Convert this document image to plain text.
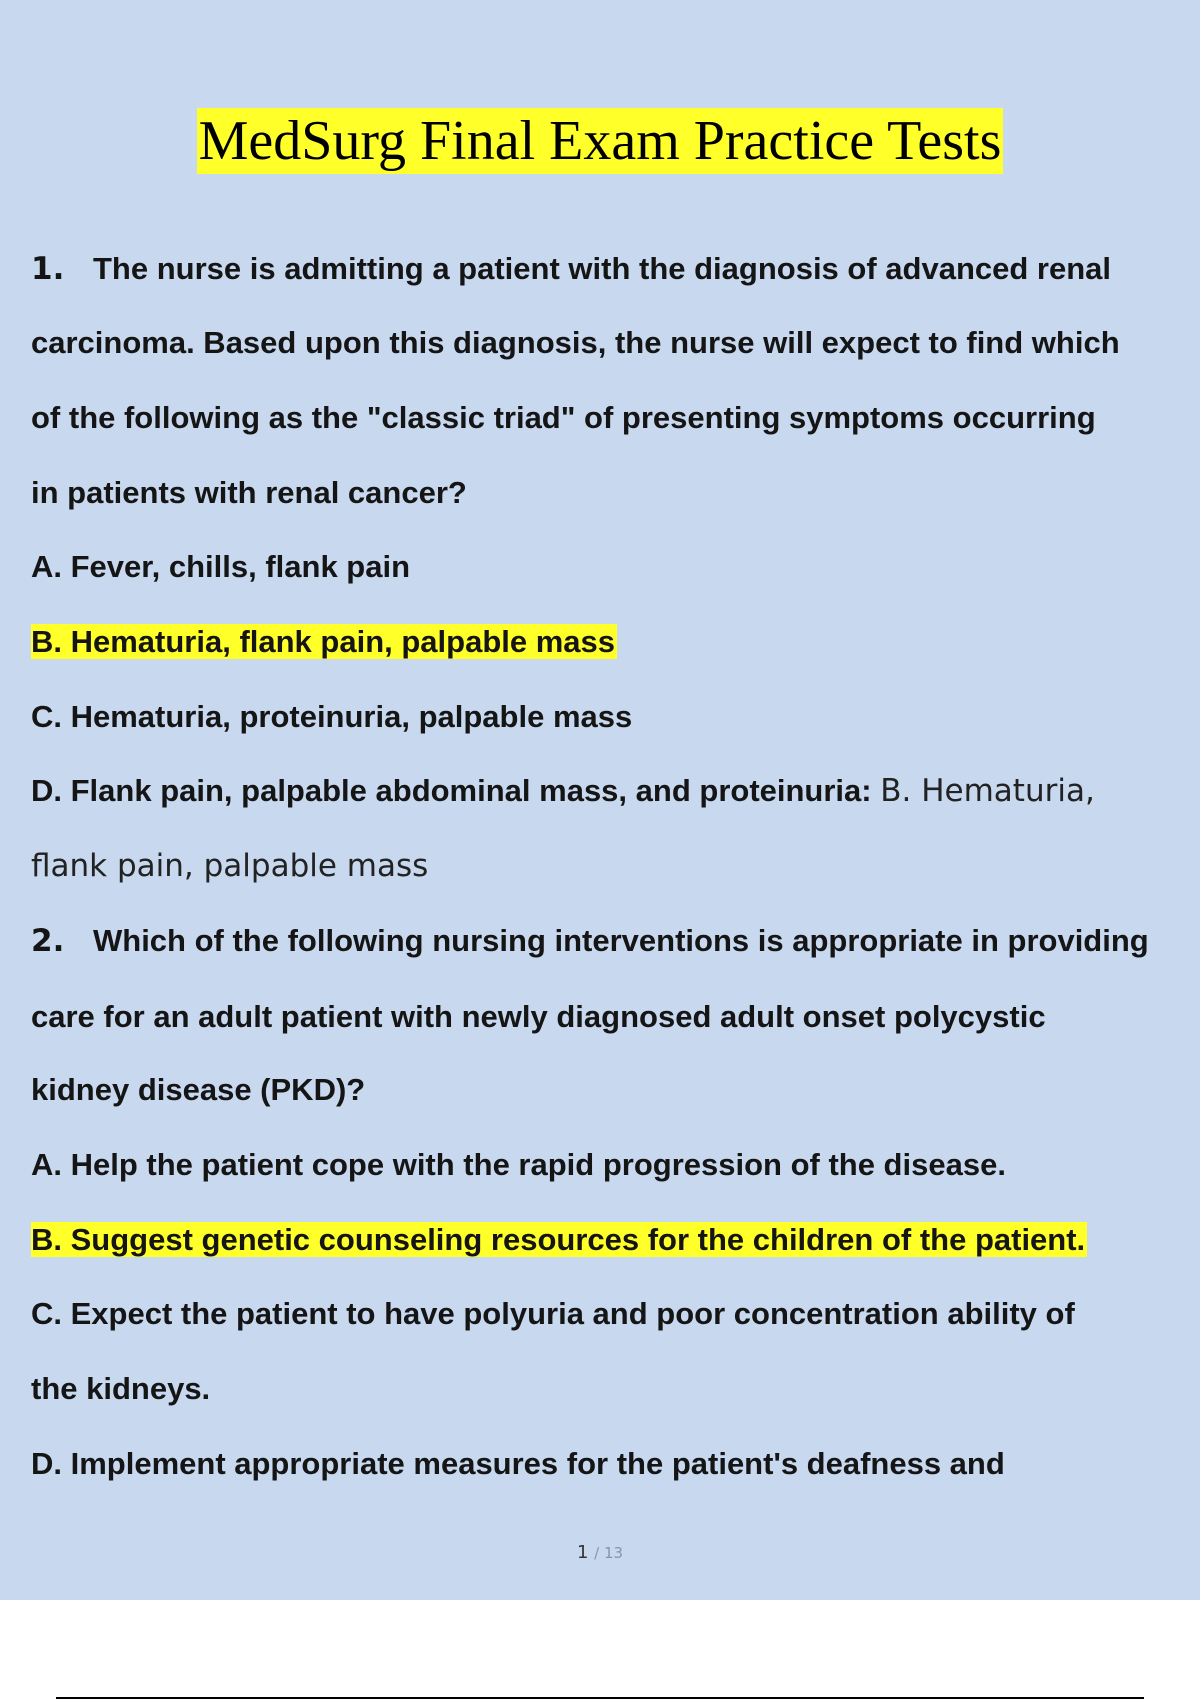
MedSurg Final Exam Practice Tests
1. The nurse is admitting a patient with the diagnosis of advanced renal
carcinoma. Based upon this diagnosis, the nurse will expect to find which
of the following as the "classic triad" of presenting symptoms occurring
in patients with renal cancer?
A. Fever, chills, flank pain
B. Hematuria, flank pain, palpable mass
C. Hematuria, proteinuria, palpable mass
D. Flank pain, palpable abdominal mass, and proteinuria: B. Hematuria,
flank pain, palpable mass
2. Which of the following nursing interventions is appropriate in providing
care for an adult patient with newly diagnosed adult onset polycystic
kidney disease (PKD)?
A. Help the patient cope with the rapid progression of the disease.
B. Suggest genetic counseling resources for the children of the patient.
C. Expect the patient to have polyuria and poor concentration ability of
the kidneys.
D. Implement appropriate measures for the patient's deafness and
1 / 13
